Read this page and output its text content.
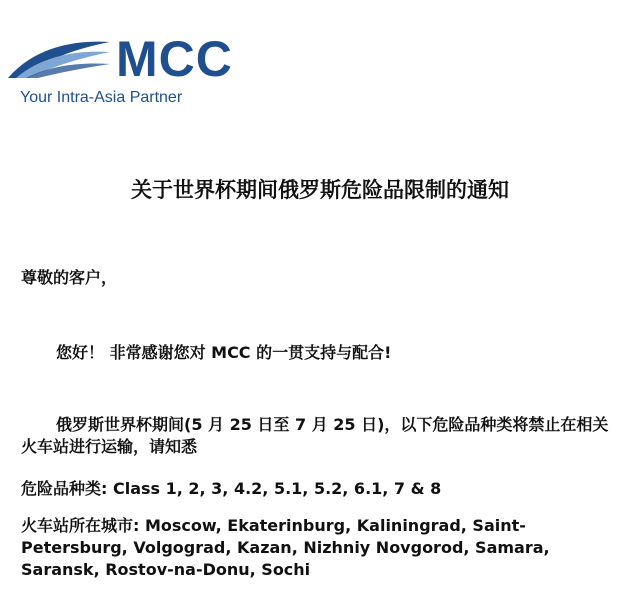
MCC
Your Intra-Asia Partner
关于世界杯期间俄罗斯危险品限制的通知

尊敬的客户，

您好！ 非常感谢您对 MCC 的一贯支持与配合!

俄罗斯世界杯期间(5 月 25 日至 7 月 25 日)，以下危险品种类将禁止在相关火车站进行运输，请知悉

危险品种类: Class 1, 2, 3, 4.2, 5.1, 5.2, 6.1, 7 & 8

火车站所在城市: Moscow, Ekaterinburg, Kaliningrad, Saint-Petersburg, Volgograd, Kazan, Nizhniy Novgorod, Samara, Saransk, Rostov-na-Donu, Sochi
